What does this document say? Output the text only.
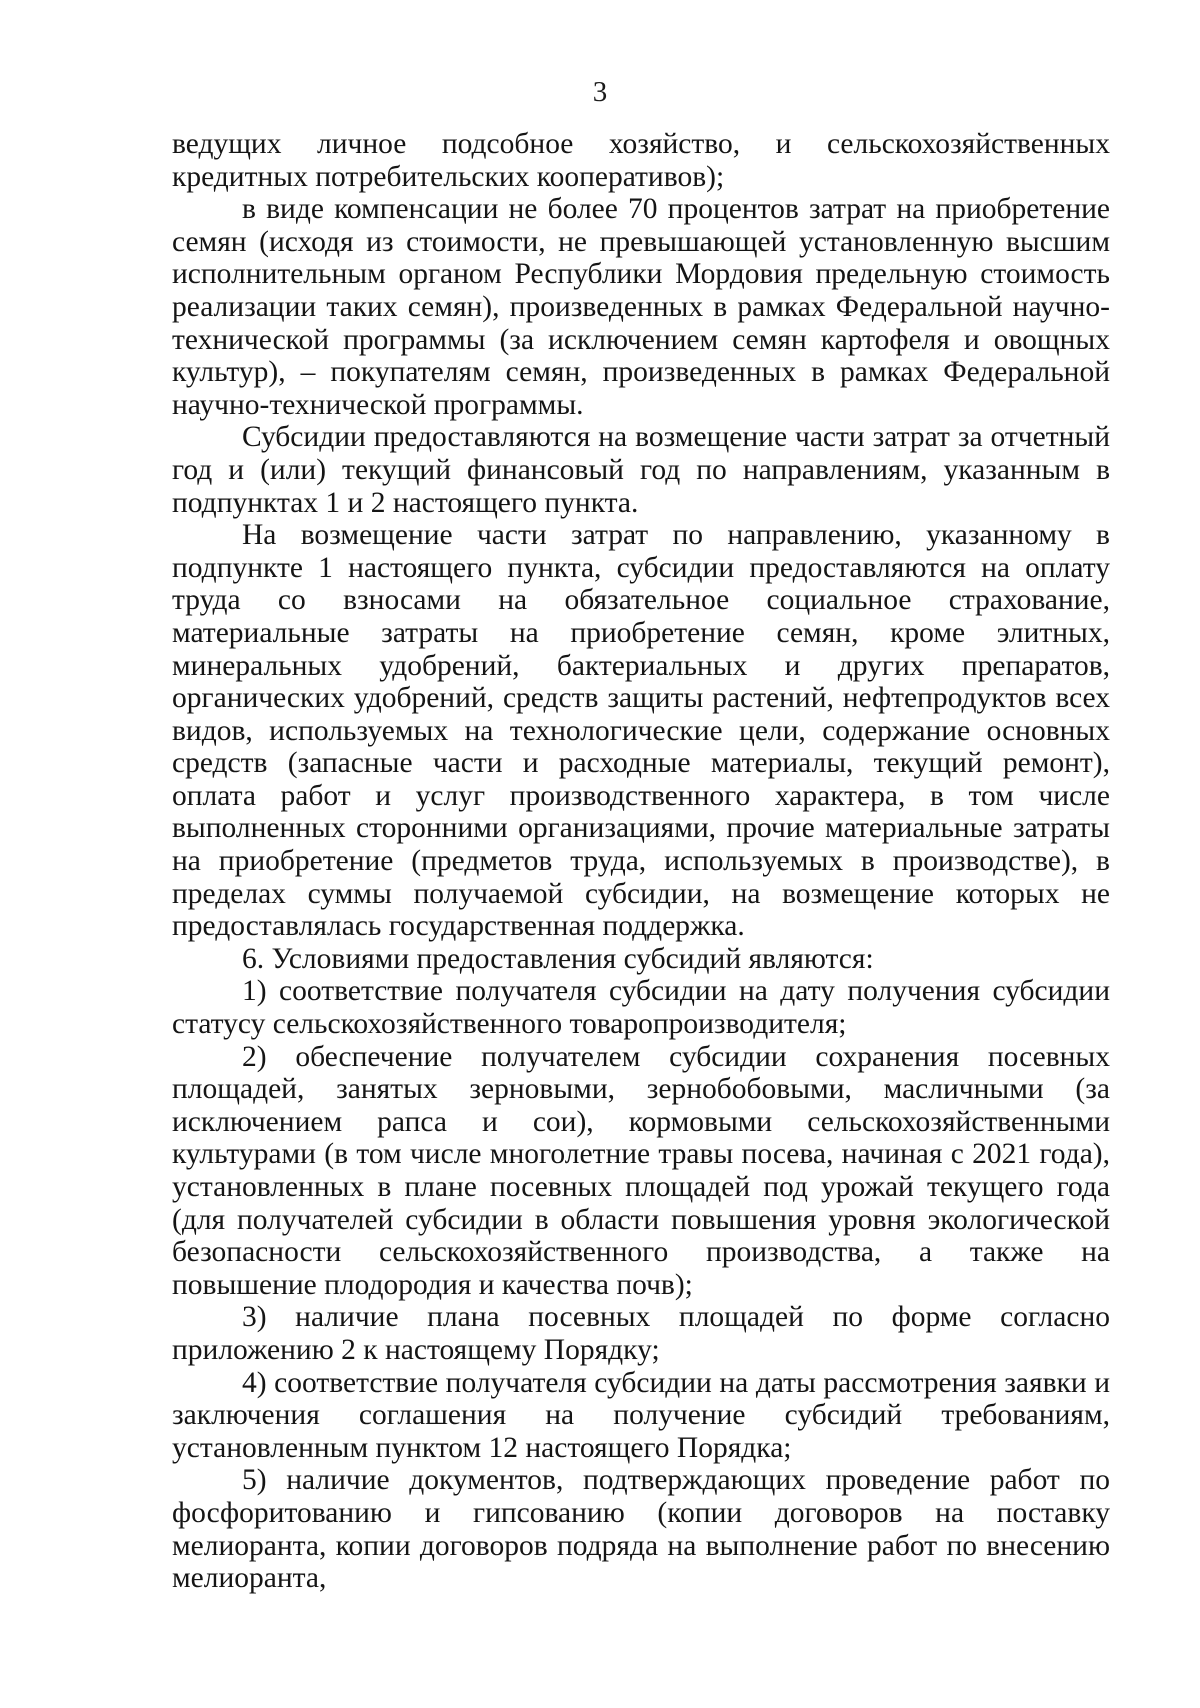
3

ведущих личное подсобное хозяйство, и сельскохозяйственных кредитных потребительских кооперативов);

в виде компенсации не более 70 процентов затрат на приобретение семян (исходя из стоимости, не превышающей установленную высшим исполнительным органом Республики Мордовия предельную стоимость реализации таких семян), произведенных в рамках Федеральной научно-технической программы (за исключением семян картофеля и овощных культур), – покупателям семян, произведенных в рамках Федеральной научно-технической программы.

Субсидии предоставляются на возмещение части затрат за отчетный год и (или) текущий финансовый год по направлениям, указанным в подпунктах 1 и 2 настоящего пункта.

На возмещение части затрат по направлению, указанному в подпункте 1 настоящего пункта, субсидии предоставляются на оплату труда со взносами на обязательное социальное страхование, материальные затраты на приобретение семян, кроме элитных, минеральных удобрений, бактериальных и других препаратов, органических удобрений, средств защиты растений, нефтепродуктов всех видов, используемых на технологические цели, содержание основных средств (запасные части и расходные материалы, текущий ремонт), оплата работ и услуг производственного характера, в том числе выполненных сторонними организациями, прочие материальные затраты на приобретение (предметов труда, используемых в производстве), в пределах суммы получаемой субсидии, на возмещение которых не предоставлялась государственная поддержка.

6. Условиями предоставления субсидий являются:

1) соответствие получателя субсидии на дату получения субсидии статусу сельскохозяйственного товаропроизводителя;

2) обеспечение получателем субсидии сохранения посевных площадей, занятых зерновыми, зернобобовыми, масличными (за исключением рапса и сои), кормовыми сельскохозяйственными культурами (в том числе многолетние травы посева, начиная с 2021 года), установленных в плане посевных площадей под урожай текущего года (для получателей субсидии в области повышения уровня экологической безопасности сельскохозяйственного производства, а также на повышение плодородия и качества почв);

3) наличие плана посевных площадей по форме согласно приложению 2 к настоящему Порядку;

4) соответствие получателя субсидии на даты рассмотрения заявки и заключения соглашения на получение субсидий требованиям, установленным пунктом 12 настоящего Порядка;

5) наличие документов, подтверждающих проведение работ по фосфоритованию и гипсованию (копии договоров на поставку мелиоранта, копии договоров подряда на выполнение работ по внесению мелиоранта,
